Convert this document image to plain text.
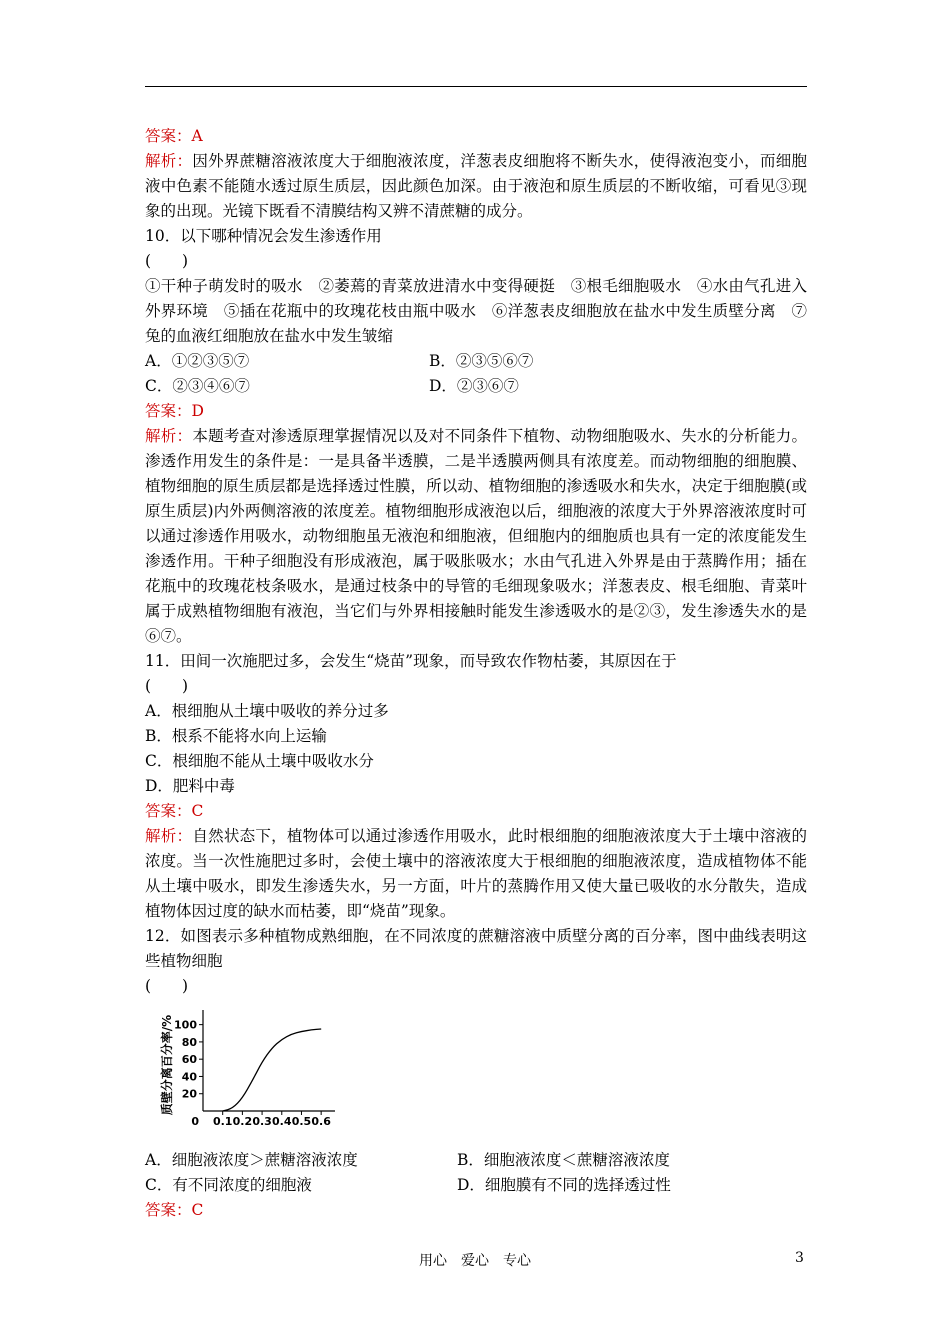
答案：A

解析：因外界蔗糖溶液浓度大于细胞液浓度，洋葱表皮细胞将不断失水，使得液泡变小，而细胞液中色素不能随水透过原生质层，因此颜色加深。由于液泡和原生质层的不断收缩，可看见③现象的出现。光镜下既看不清膜结构又辨不清蔗糖的成分。

10．以下哪种情况会发生渗透作用

(　　)

①干种子萌发时的吸水　②萎蔫的青菜放进清水中变得硬挺　③根毛细胞吸水　④水由气孔进入外界环境　⑤插在花瓶中的玫瑰花枝由瓶中吸水　⑥洋葱表皮细胞放在盐水中发生质壁分离　⑦兔的血液红细胞放在盐水中发生皱缩

A．①②③⑤⑦	B．②③⑤⑥⑦
C．②③④⑥⑦	D．②③⑥⑦

答案：D

解析：本题考查对渗透原理掌握情况以及对不同条件下植物、动物细胞吸水、失水的分析能力。渗透作用发生的条件是：一是具备半透膜，二是半透膜两侧具有浓度差。而动物细胞的细胞膜、植物细胞的原生质层都是选择透过性膜，所以动、植物细胞的渗透吸水和失水，决定于细胞膜(或原生质层)内外两侧溶液的浓度差。植物细胞形成液泡以后，细胞液的浓度大于外界溶液浓度时可以通过渗透作用吸水，动物细胞虽无液泡和细胞液，但细胞内的细胞质也具有一定的浓度能发生渗透作用。干种子细胞没有形成液泡，属于吸胀吸水；水由气孔进入外界是由于蒸腾作用；插在花瓶中的玫瑰花枝条吸水，是通过枝条中的导管的毛细现象吸水；洋葱表皮、根毛细胞、青菜叶属于成熟植物细胞有液泡，当它们与外界相接触时能发生渗透吸水的是②③，发生渗透失水的是⑥⑦。

11．田间一次施肥过多，会发生“烧苗”现象，而导致农作物枯萎，其原因在于

(　　)

A．根细胞从土壤中吸收的养分过多

B．根系不能将水向上运输

C．根细胞不能从土壤中吸收水分

D．肥料中毒

答案：C

解析：自然状态下，植物体可以通过渗透作用吸水，此时根细胞的细胞液浓度大于土壤中溶液的浓度。当一次性施肥过多时，会使土壤中的溶液浓度大于根细胞的细胞液浓度，造成植物体不能从土壤中吸水，即发生渗透失水，另一方面，叶片的蒸腾作用又使大量已吸收的水分散失，造成植物体因过度的缺水而枯萎，即“烧苗”现象。

12．如图表示多种植物成熟细胞，在不同浓度的蔗糖溶液中质壁分离的百分率，图中曲线表明这些植物细胞

(　　)

质壁分离百分率/%
0
20
40
60
80
100
0.1 0.2 0.3 0.4 0.5 0.6
A．细胞液浓度＞蔗糖溶液浓度	B．细胞液浓度＜蔗糖溶液浓度
C．有不同浓度的细胞液	D．细胞膜有不同的选择透过性

答案：C

用心　爱心　专心	3
